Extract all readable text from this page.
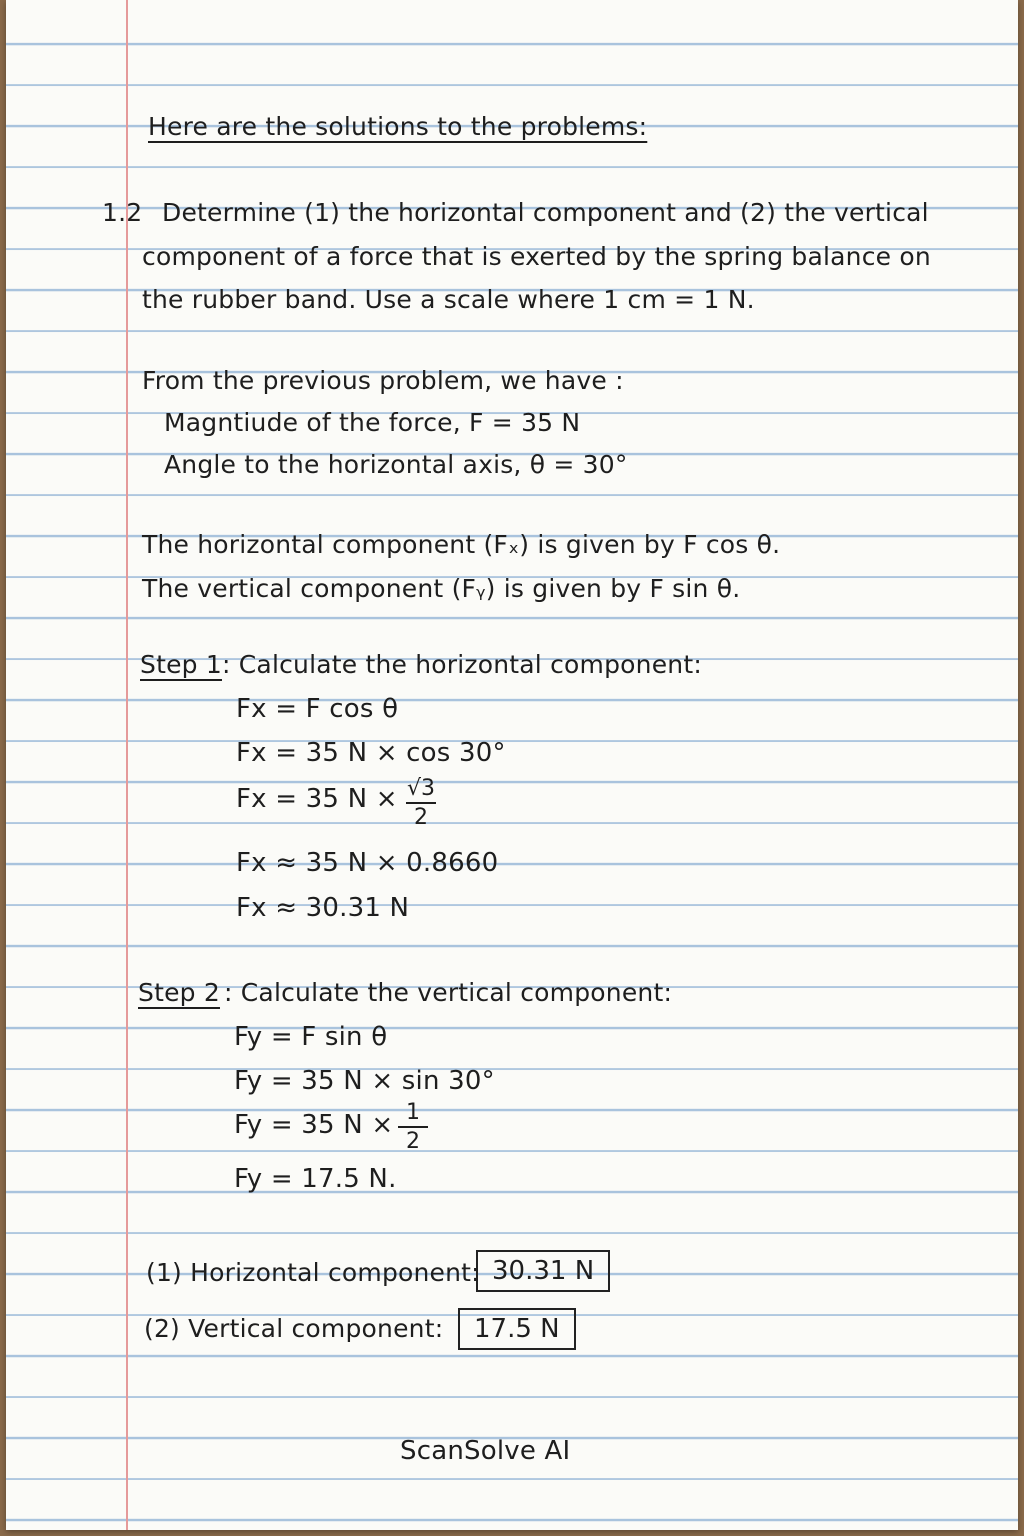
Here are the solutions to the problems:
1.2 Determine (1) the horizontal component and (2) the vertical
component of a force that is exerted by the spring balance on
the rubber band. Use a scale where 1 cm = 1 N.
From the previous problem, we have :
Magntiude of the force, F = 35 N
Angle to the horizontal axis, θ = 30°
The horizontal component (Fₓ) is given by F cos θ.
The vertical component (Fᵧ) is given by F sin θ.
Step 1 : Calculate the horizontal component:
Fx = F cos θ
Fx = 35 N × cos 30°
Fx = 35 $N \times \frac{√3}{2}$
Fx ≈ 35 N × 0.8660
Fx ≈ 30.31 N
Step 2 : Calculate the vertical component:
Fy = F sin θ
Fy = 35 N × sin 30°
Fy = 35 $N \times \frac{1}{2}$
Fy = 17.5 N.
(1) Horizontal component: 30.31 N
(2) Vertical component:	17.5 N
ScanSolve AI
